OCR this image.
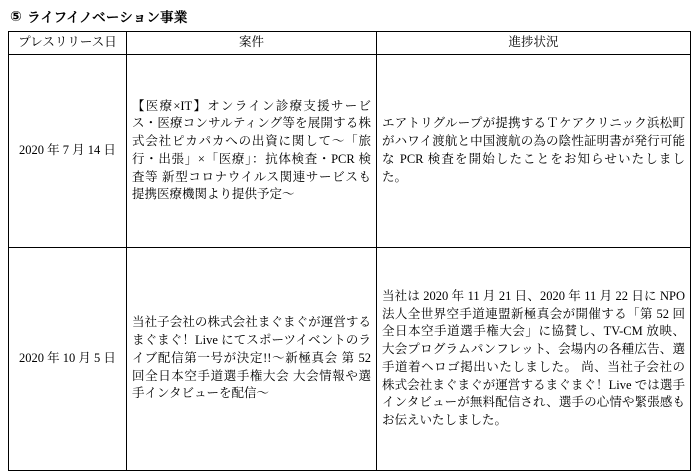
⑤ ライフイノベーション事業
プレスリリース日	案件	進捗状況
2020 年 7 月 14 日	【医療×IT】オンライン診療支援サービス・医療コンサルティング等を展開する株式会社ピカパカへの出資に関して～「旅行・出張」×「医療」：抗体検査・PCR 検査等 新型コロナウイルス関連サービスも提携医療機関より提供予定～	エアトリグループが提携するＴケアクリニック浜松町がハワイ渡航と中国渡航の為の陰性証明書が発行可能な PCR 検査を開始したことをお知らせいたしました。
2020 年 10 月 5 日	当社子会社の株式会社まぐまぐが運営するまぐまぐ！Live にてスポーツイベントのライブ配信第一号が決定!!～新極真会 第 52 回全日本空手道選手権大会 大会情報や選手インタビューを配信～	当社は 2020 年 11 月 21 日、2020 年 11 月 22 日に NPO 法人全世界空手道連盟新極真会が開催する「第 52 回全日本空手道選手権大会」に協賛し、TV-CM 放映、大会プログラムパンフレット、会場内の各種広告、選手道着ヘロゴ掲出いたしました。 尚、当社子会社の株式会社まぐまぐが運営するまぐまぐ！Live では選手インタビューが無料配信され、選手の心情や緊張感もお伝えいたしました。
